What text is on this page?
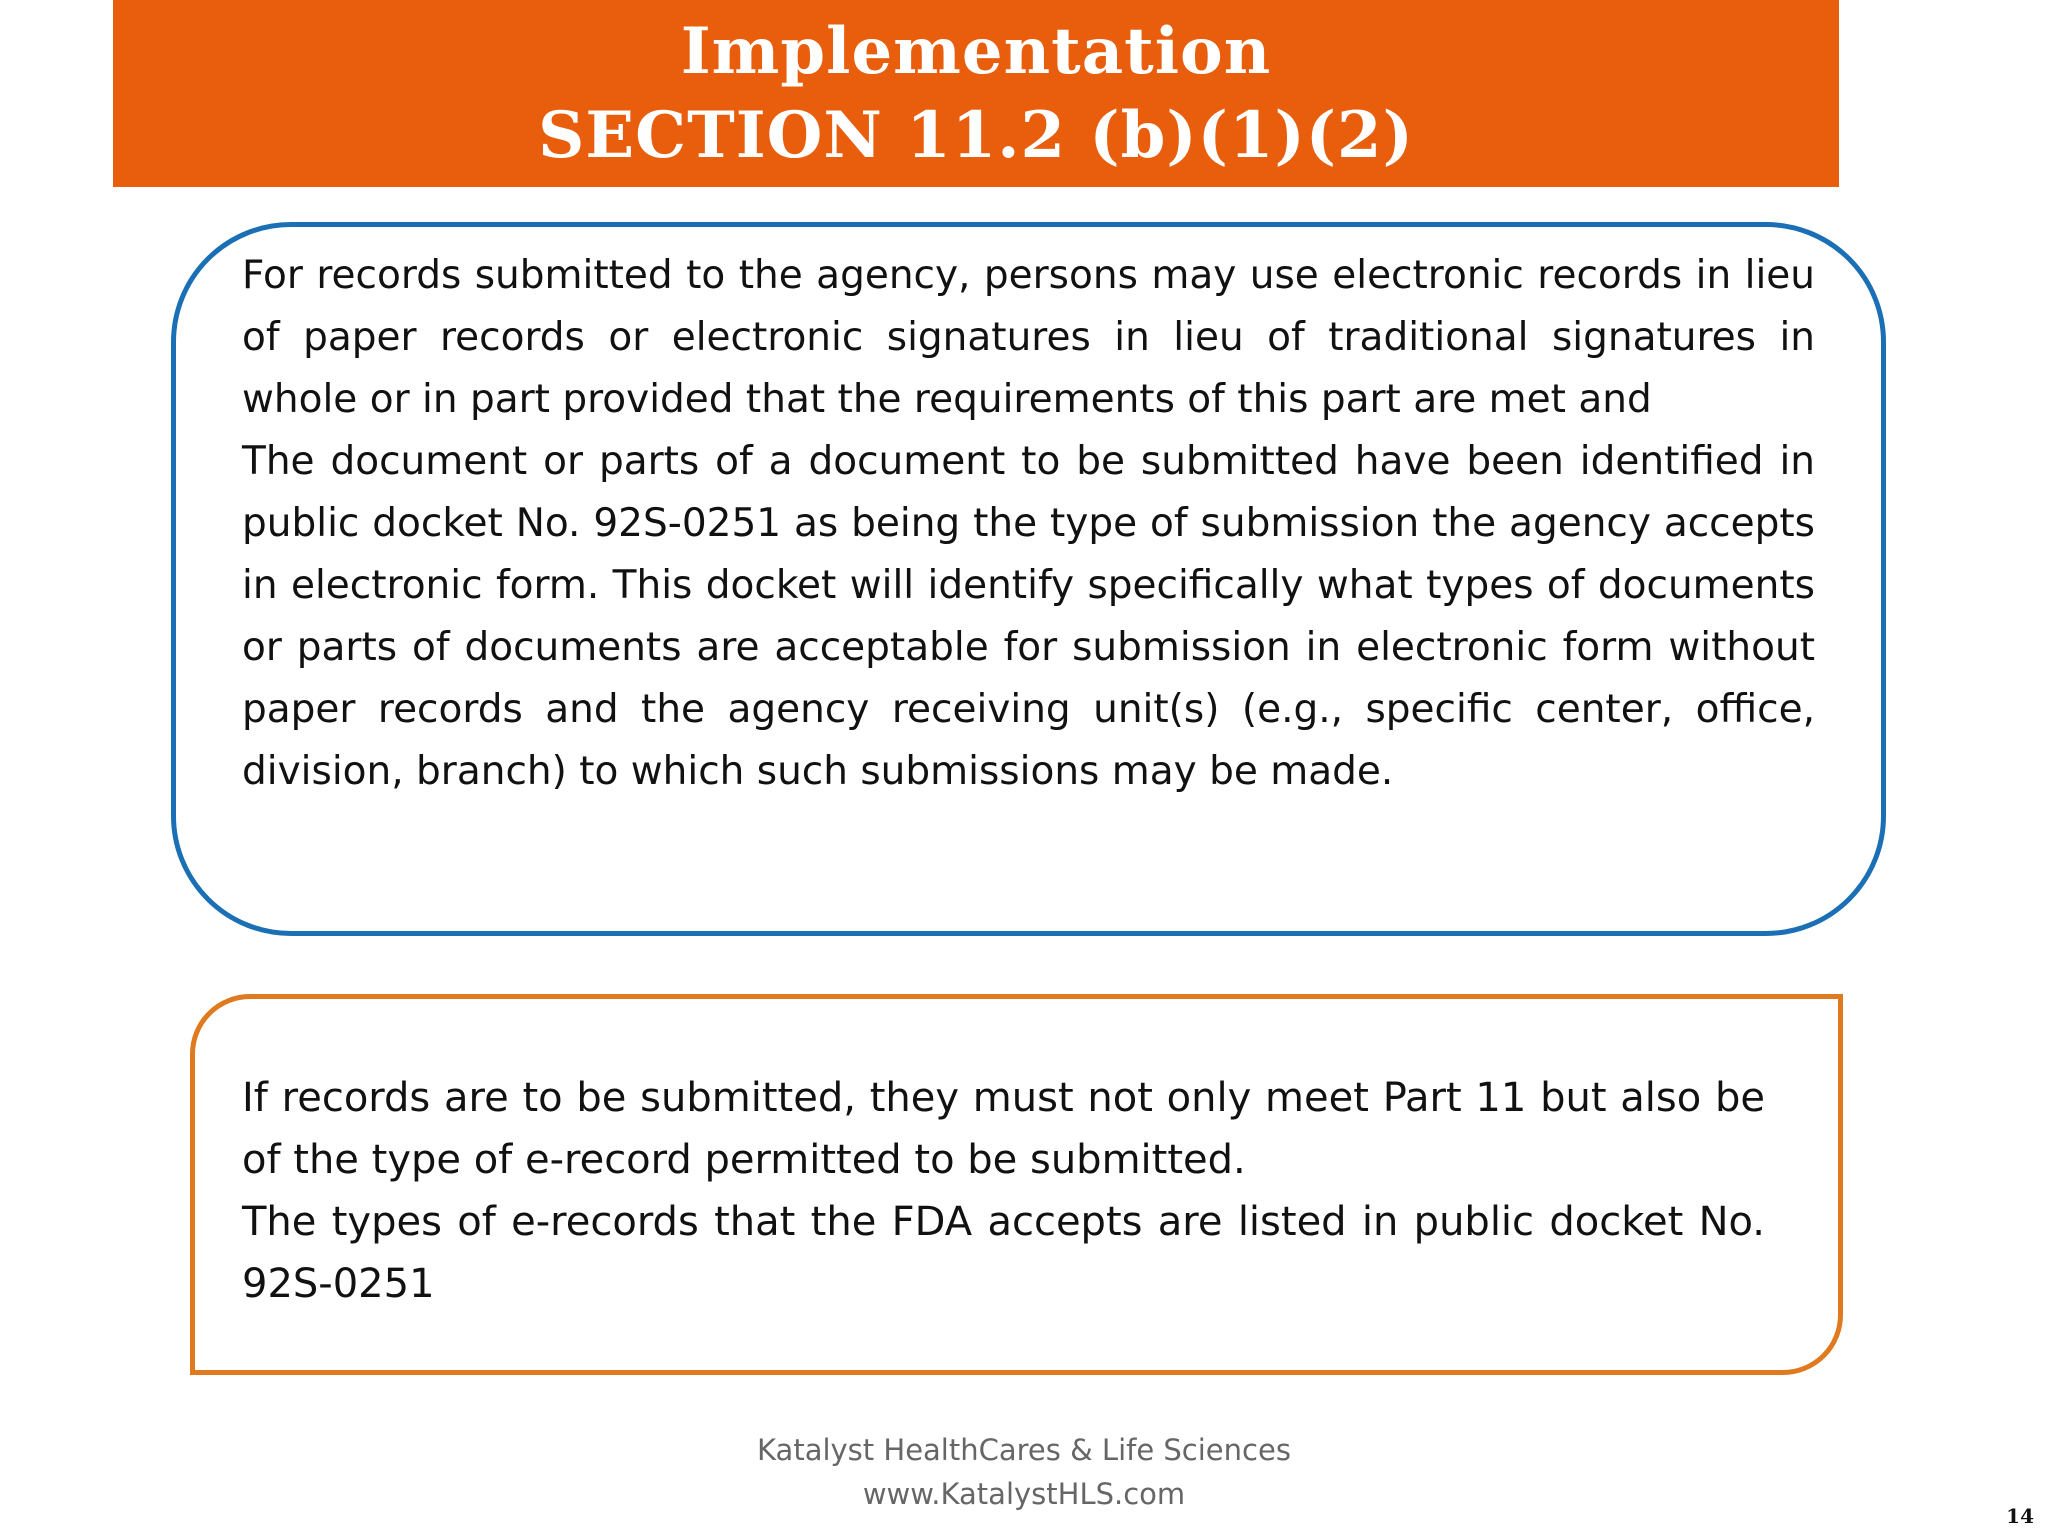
Implementation
SECTION 11.2 (b)(1)(2)

For records submitted to the agency, persons may use electronic records in lieu of paper records or electronic signatures in lieu of traditional signatures in whole or in part provided that the requirements of this part are met and

The document or parts of a document to be submitted have been identified in public docket No. 92S-0251 as being the type of submission the agency accepts in electronic form. This docket will identify specifically what types of documents or parts of documents are acceptable for submission in electronic form without paper records and the agency receiving unit(s) (e.g., specific center, office, division, branch) to which such submissions may be made.

If records are to be submitted, they must not only meet Part 11 but also be of the type of e-record permitted to be submitted.

The types of e-records that the FDA accepts are listed in public docket No. 92S-0251

Katalyst HealthCares & Life Sciences
www.KatalystHLS.com
14
